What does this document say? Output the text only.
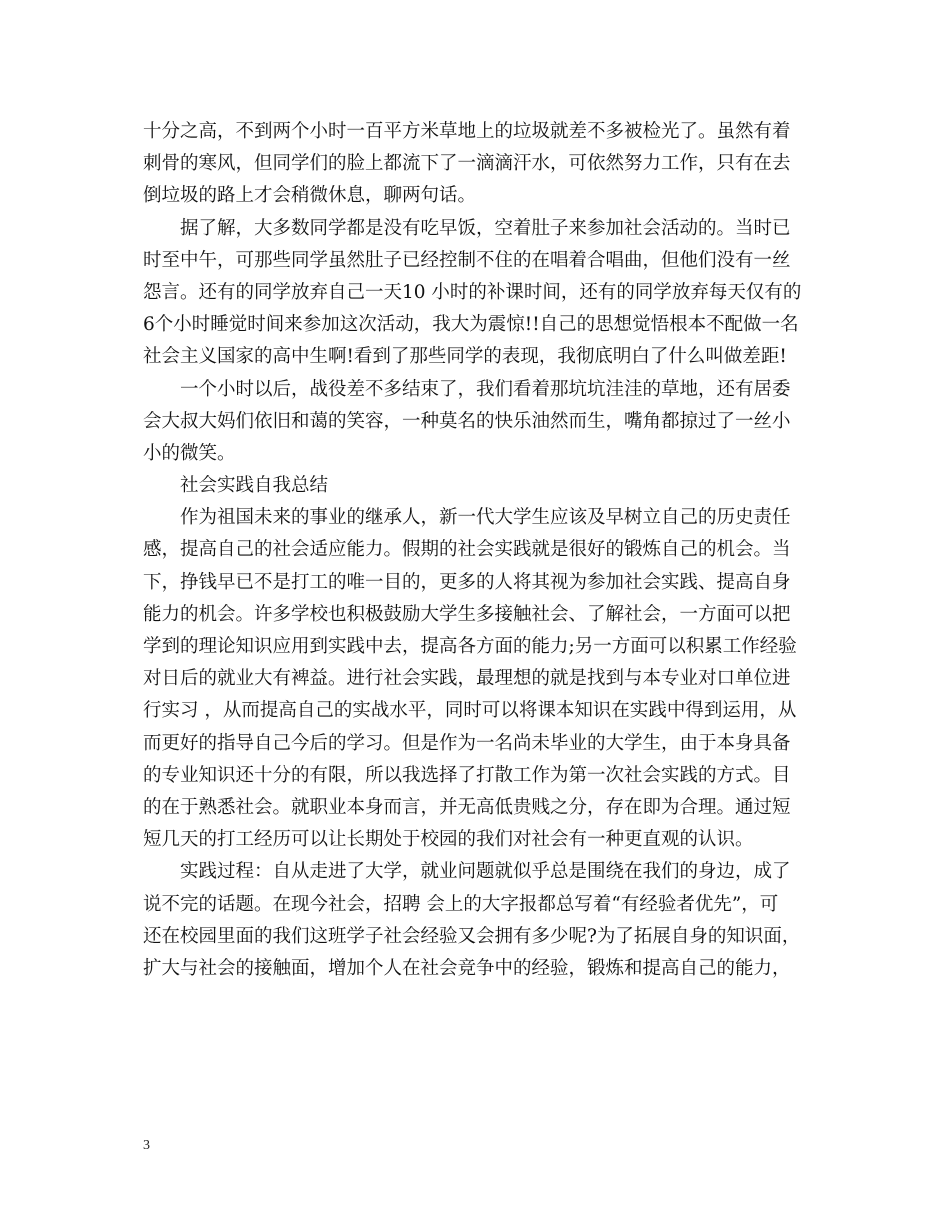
十分之高，不到两个小时一百平方米草地上的垃圾就差不多被检光了。虽然有着
刺骨的寒风，但同学们的脸上都流下了一滴滴汗水，可依然努力工作，只有在去
倒垃圾的路上才会稍微休息，聊两句话。
　　据了解，大多数同学都是没有吃早饭，空着肚子来参加社会活动的。当时已
时至中午，可那些同学虽然肚子已经控制不住的在唱着合唱曲，但他们没有一丝
怨言。还有的同学放弃自己一天10 小时的补课时间，还有的同学放弃每天仅有的
6个小时睡觉时间来参加这次活动，我大为震惊!!自己的思想觉悟根本不配做一名
社会主义国家的高中生啊!看到了那些同学的表现，我彻底明白了什么叫做差距!
　　一个小时以后，战役差不多结束了，我们看着那坑坑洼洼的草地，还有居委
会大叔大妈们依旧和蔼的笑容，一种莫名的快乐油然而生，嘴角都掠过了一丝小
小的微笑。
　　社会实践自我总结
　　作为祖国未来的事业的继承人，新一代大学生应该及早树立自己的历史责任
感，提高自己的社会适应能力。假期的社会实践就是很好的锻炼自己的机会。当
下，挣钱早已不是打工的唯一目的，更多的人将其视为参加社会实践、提高自身
能力的机会。许多学校也积极鼓励大学生多接触社会、了解社会，一方面可以把
学到的理论知识应用到实践中去，提高各方面的能力;另一方面可以积累工作经验
对日后的就业大有裨益。进行社会实践，最理想的就是找到与本专业对口单位进
行实习 ，从而提高自己的实战水平，同时可以将课本知识在实践中得到运用，从
而更好的指导自己今后的学习。但是作为一名尚未毕业的大学生，由于本身具备
的专业知识还十分的有限，所以我选择了打散工作为第一次社会实践的方式。目
的在于熟悉社会。就职业本身而言，并无高低贵贱之分，存在即为合理。通过短
短几天的打工经历可以让长期处于校园的我们对社会有一种更直观的认识。
　　实践过程：自从走进了大学，就业问题就似乎总是围绕在我们的身边，成了
说不完的话题。在现今社会，招聘 会上的大字报都总写着“有经验者优先”，可
还在校园里面的我们这班学子社会经验又会拥有多少呢?为了拓展自身的知识面，
扩大与社会的接触面，增加个人在社会竞争中的经验，锻炼和提高自己的能力，
3
